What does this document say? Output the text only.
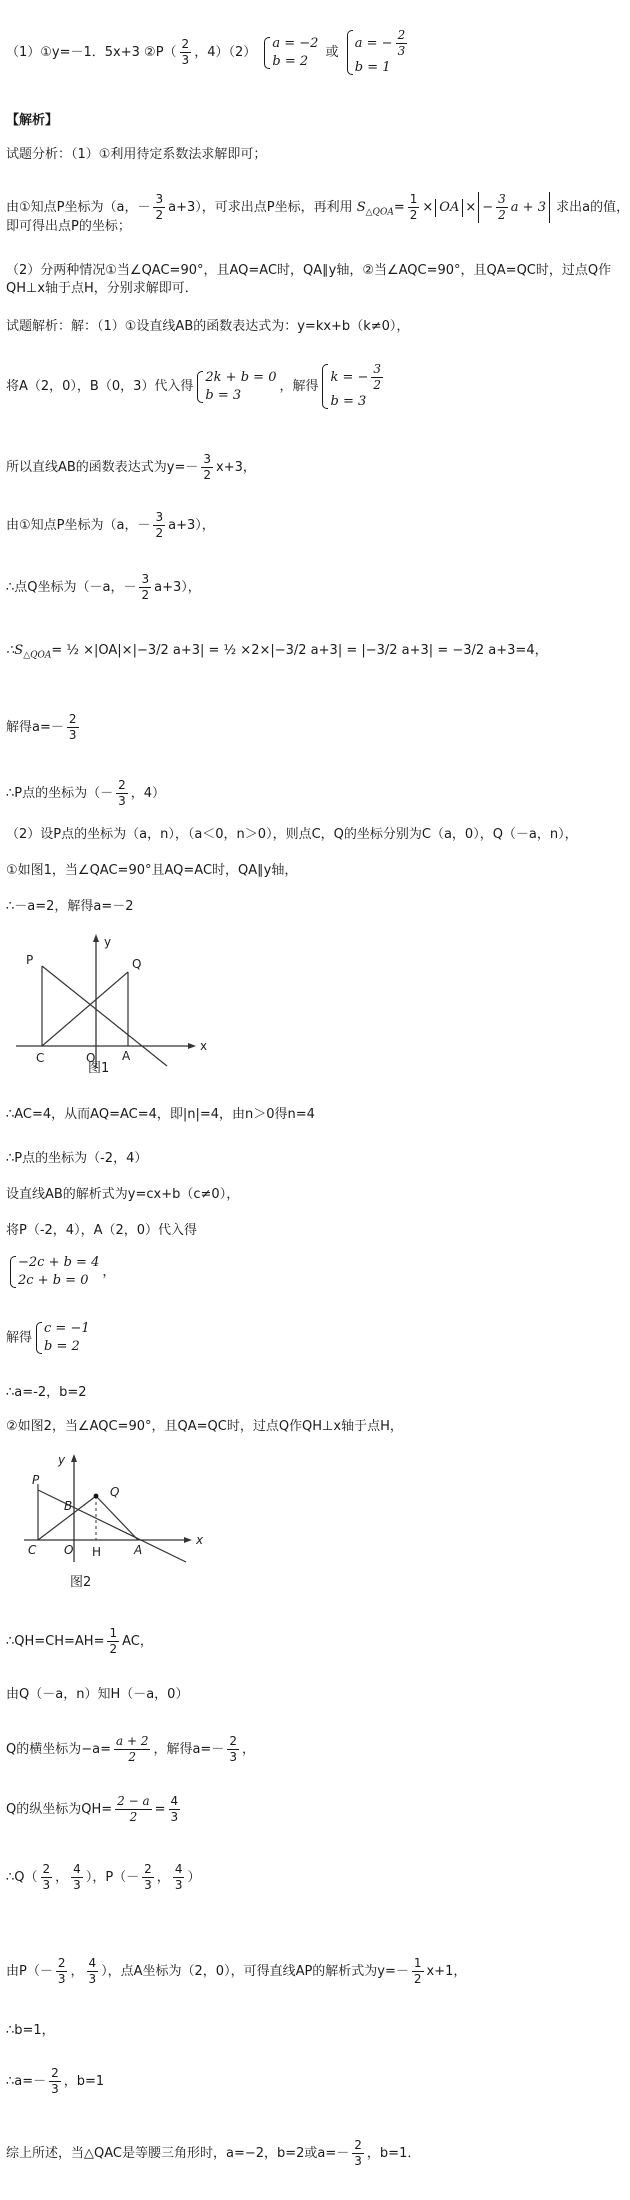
（1）①y=－1．5x+3 ②P（ $\frac{2}{3}$ ，4）（2）
a = −2
b = 2
或
a = − $\frac{2}{3}$
b = 1
【解析】
试题分析：（1）①利用待定系数法求解即可；
由①知点P坐标为（a，－ $\frac{3}{2} a+3$），可求出点P坐标，再利用 $S_{\triangle QOA}= \frac{1}{2}$ × OA × − $\frac{3}{2}$ a + 3 求出a的值，
即可得出点P的坐标；
（2）分两种情况①当∠QAC=90°，且AQ=AC时，QA∥y轴，②当∠AQC=90°，且QA=QC时，过点Q作
QH⊥x轴于点H，分别求解即可．
试题解析：解：（1）①设直线AB的函数表达式为：y=kx+b（k≠0），
将A（2，0），B（0，3）代入得
2k + b = 0
b = 3
，解得
k = − $\frac{3}{2}$
b = 3
所以直线AB的函数表达式为$y=- \frac{3}{2} x+3$，
由①知点P坐标为（a，－ $\frac{3}{2} a+3$），
∴点Q坐标为（－a，－ $\frac{3}{2} a+3$），
$\therefore S_{\triangle QOA}=$ ½ ×|OA|×|−3/2 a+3| = ½ ×2×|−3/2 a+3| = |−3/2 a+3| = −3/2 a+3=4，
解得$a=- \frac{2}{3}$
∴P点的坐标为（－ $\frac{2}{3}$ ，4）
（2）设P点的坐标为（a，n），（a＜0，n＞0），则点C，Q的坐标分别为C（a，0），Q（－a，n），
①如图1，当∠QAC=90°且AQ=AC时，QA∥y轴，
∴－a=2，解得a=－2
P	Q
y
x
C	O A
图1
∴AC=4，从而AQ=AC=4，即|n|=4，由n＞0得n=4
∴P点的坐标为（-2，4）
设直线AB的解析式为y=cx+b（c≠0），
将P（-2，4），A（2，0）代入得
−2c + b = 4
2c + b = 0
，
解得
c = −1
b = 2
∴a=-2，b=2
②如图2，当∠AQC=90°，且QA=QC时，过点Q作QH⊥x轴于点H，
y
P
B
Q
C O H	A
x
图2
∴QH=CH=AH= $\frac{1}{2}$ AC，
由Q（－a，n）知H（－a，0）
Q的横坐标为$-a= \frac{a + 2}{2}$ ，解得$a=- \frac{2}{3}$ ，
Q的纵坐标为$QH= \frac{2 - a}{2} = \frac{4}{3}$
∴Q（ $\frac{2}{3}$ ， $\frac{4}{3}$ ），$P(- \frac{2}{3}$ ， $\frac{4}{3}$ ）
由$P(- \frac{2}{3}$ ， $\frac{4}{3}$ ），点A坐标为（2，0），可得直线AP的解析式为$y=- \frac{1}{2} x+1$，
∴b=1，
∴a=－ $\frac{2}{3}$ ，b=1
综上所述，当△QAC是等腰三角形时，a=−2，b=2或$a=- \frac{2}{3}$ ，b=1．
